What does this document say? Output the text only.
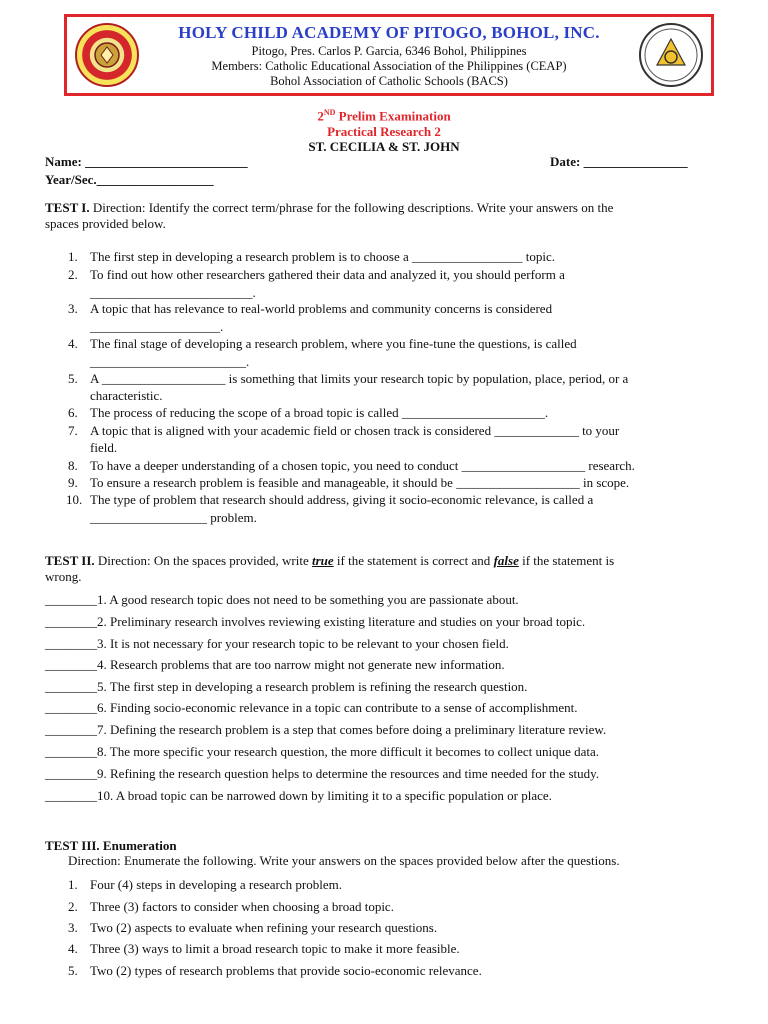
HOLY CHILD ACADEMY OF PITOGO, BOHOL, INC.
Pitogo, Pres. Carlos P. Garcia, 6346 Bohol, Philippines
Members: Catholic Educational Association of the Philippines (CEAP)
Bohol Association of Catholic Schools (BACS)
2ND Prelim Examination
Practical Research 2
ST. CECILIA & ST. JOHN
Name: _________________________	Date: ________________
Year/Sec.__________________
TEST I. Direction: Identify the correct term/phrase for the following descriptions. Write your answers on the
spaces provided below.
1. The first step in developing a research problem is to choose a _________________ topic.
2. To find out how other researchers gathered their data and analyzed it, you should perform a
_________________________.
3. A topic that has relevance to real-world problems and community concerns is considered
____________________.
4. The final stage of developing a research problem, where you fine-tune the questions, is called
________________________.
5. A ___________________ is something that limits your research topic by population, place, period, or a
characteristic.
6. The process of reducing the scope of a broad topic is called ______________________.
7. A topic that is aligned with your academic field or chosen track is considered _____________ to your
field.
8. To have a deeper understanding of a chosen topic, you need to conduct ___________________ research.
9. To ensure a research problem is feasible and manageable, it should be ___________________ in scope.
10. The type of problem that research should address, giving it socio-economic relevance, is called a
__________________ problem.
TEST II. Direction: On the spaces provided, write true if the statement is correct and false if the statement is
wrong.
________1. A good research topic does not need to be something you are passionate about.
________2. Preliminary research involves reviewing existing literature and studies on your broad topic.
________3. It is not necessary for your research topic to be relevant to your chosen field.
________4. Research problems that are too narrow might not generate new information.
________5. The first step in developing a research problem is refining the research question.
________6. Finding socio-economic relevance in a topic can contribute to a sense of accomplishment.
________7. Defining the research problem is a step that comes before doing a preliminary literature review.
________8. The more specific your research question, the more difficult it becomes to collect unique data.
________9. Refining the research question helps to determine the resources and time needed for the study.
________10. A broad topic can be narrowed down by limiting it to a specific population or place.
TEST III. Enumeration
Direction: Enumerate the following. Write your answers on the spaces provided below after the questions.
1. Four (4) steps in developing a research problem.
2. Three (3) factors to consider when choosing a broad topic.
3. Two (2) aspects to evaluate when refining your research questions.
4. Three (3) ways to limit a broad research topic to make it more feasible.
5. Two (2) types of research problems that provide socio-economic relevance.
